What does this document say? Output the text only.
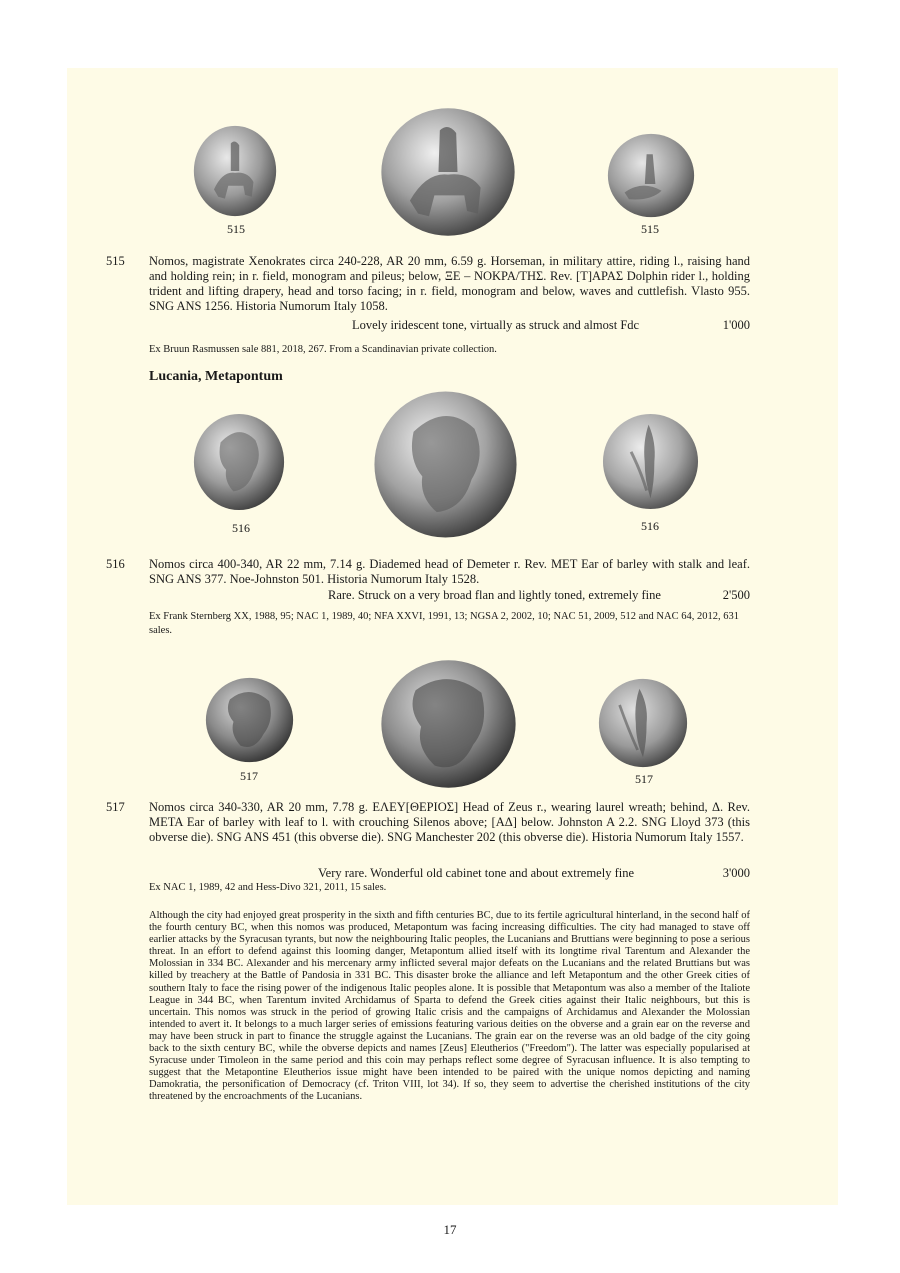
515	515
515 Nomos, magistrate Xenokrates circa 240-228, AR 20 mm, 6.59 g. Horseman, in military attire, riding l., raising hand and holding rein; in r. field, monogram and pileus; below, ΞΕ – ΝΟΚΡΑ/ΤΗΣ. Rev. [Τ]ΑΡΑΣ Dolphin rider l., holding trident and lifting drapery, head and torso facing; in r. field, monogram and below, waves and cuttlefish. Vlasto 955. SNG ANS 1256. Historia Numorum Italy 1058.
Lovely iridescent tone, virtually as struck and almost Fdc	1'000
Ex Bruun Rasmussen sale 881, 2018, 267. From a Scandinavian private collection.
Lucania, Metapontum
516	516
516 Nomos circa 400-340, AR 22 mm, 7.14 g. Diademed head of Demeter r. Rev. ΜΕΤ Ear of barley with stalk and leaf. SNG ANS 377. Noe-Johnston 501. Historia Numorum Italy 1528.
Rare. Struck on a very broad flan and lightly toned, extremely fine	2'500
Ex Frank Sternberg XX, 1988, 95; NAC 1, 1989, 40; NFA XXVI, 1991, 13; NGSA 2, 2002, 10; NAC 51, 2009, 512 and NAC 64, 2012, 631 sales.
517	517
517 Nomos circa 340-330, AR 20 mm, 7.78 g. ΕΛΕΥ[ΘΕΡΙΟΣ] Head of Zeus r., wearing laurel wreath; behind, Δ. Rev. ΜΕΤΑ Ear of barley with leaf to l. with crouching Silenos above; [ΑΔ] below. Johnston A 2.2. SNG Lloyd 373 (this obverse die). SNG ANS 451 (this obverse die). SNG Manchester 202 (this obverse die). Historia Numorum Italy 1557.
Very rare. Wonderful old cabinet tone and about extremely fine	3'000
Ex NAC 1, 1989, 42 and Hess-Divo 321, 2011, 15 sales.
Although the city had enjoyed great prosperity in the sixth and fifth centuries BC, due to its fertile agricultural hinterland, in the second half of the fourth century BC, when this nomos was produced, Metapontum was facing increasing difficulties. The city had managed to stave off earlier attacks by the Syracusan tyrants, but now the neighbouring Italic peoples, the Lucanians and Bruttians were beginning to pose a serious threat. In an effort to defend against this looming danger, Metapontum allied itself with its longtime rival Tarentum and Alexander the Molossian in 334 BC. Alexander and his mercenary army inflicted several major defeats on the Lucanians and the related Bruttians but was killed by treachery at the Battle of Pandosia in 331 BC. This disaster broke the alliance and left Metapontum and the other Greek cities of southern Italy to face the rising power of the indigenous Italic peoples alone. It is possible that Metapontum was also a member of the Italiote League in 344 BC, when Tarentum invited Archidamus of Sparta to defend the Greek cities against their Italic neighbours, but this is uncertain. This nomos was struck in the period of growing Italic crisis and the campaigns of Archidamus and Alexander the Molossian intended to avert it. It belongs to a much larger series of emissions featuring various deities on the obverse and a grain ear on the reverse and may have been struck in part to finance the struggle against the Lucanians. The grain ear on the reverse was an old badge of the city going back to the sixth century BC, while the obverse depicts and names [Zeus] Eleutherios ("Freedom"). The latter was especially popularised at Syracuse under Timoleon in the same period and this coin may perhaps reflect some degree of Syracusan influence. It is also tempting to suggest that the Metapontine Eleutherios issue might have been intended to be paired with the unique nomos depicting and naming Damokratia, the personification of Democracy (cf. Triton VIII, lot 34). If so, they seem to advertise the cherished institutions of the city threatened by the encroachments of the Lucanians.
17
